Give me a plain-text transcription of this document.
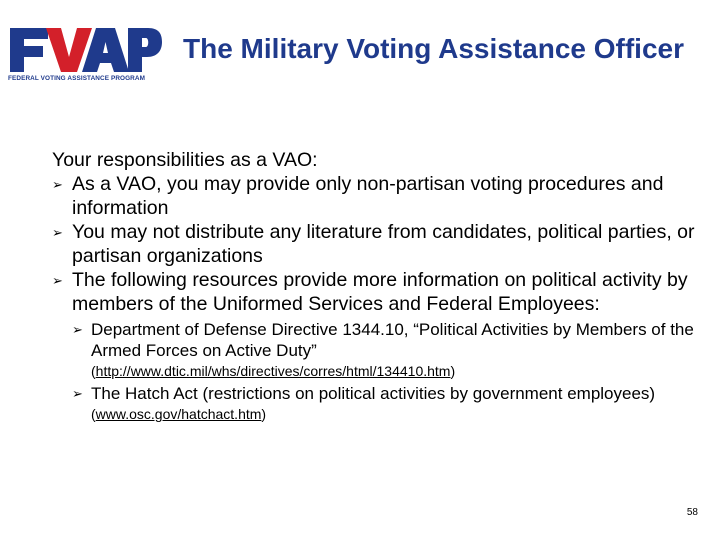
FEDERAL VOTING ASSISTANCE PROGRAM
The Military Voting Assistance Officer
Your responsibilities as a VAO:
➢ As a VAO, you may provide only non-partisan voting procedures and information
➢ You may not distribute any literature from candidates, political parties, or partisan organizations
➢ The following resources provide more information on political activity by members of the Uniformed Services and Federal Employees:
➢ Department of Defense Directive 1344.10, “Political Activities by Members of the Armed Forces on Active Duty”
(http://www.dtic.mil/whs/directives/corres/html/134410.htm)
➢ The Hatch Act (restrictions on political activities by government employees)
(www.osc.gov/hatchact.htm)
58
